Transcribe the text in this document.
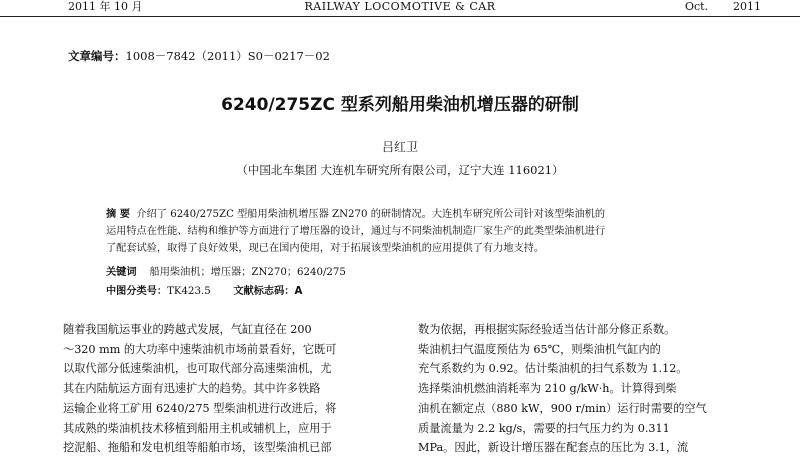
2011 年 10 月	RAILWAY LOCOMOTIVE & CAR	Oct. 2011
文章编号：1008－7842（2011）S0－0217－02
6240/275ZC 型系列船用柴油机增压器的研制
吕红卫
（中国北车集团 大连机车研究所有限公司，辽宁大连 116021）
摘 要 介绍了 6240/275ZC 型船用柴油机增压器 ZN270 的研制情况。大连机车研究所公司针对该型柴油机的
运用特点在性能、结构和维护等方面进行了增压器的设计，通过与不同柴油机制造厂家生产的此类型柴油机进行
了配套试验，取得了良好效果，现已在国内使用，对于拓展该型柴油机的应用提供了有力地支持。
关键词 船用柴油机；增压器；ZN270；6240/275
中图分类号：TK423.5 文献标志码：A
随着我国航运事业的跨越式发展，气缸直径在 200
～320 mm 的大功率中速柴油机市场前景看好，它既可
以取代部分低速柴油机，也可取代部分高速柴油机，尤
其在内陆航运方面有迅速扩大的趋势。其中许多铁路
运输企业将工矿用 6240/275 型柴油机进行改进后，将
其成熟的柴油机技术移植到船用主机或辅机上，应用于
挖泥船、拖船和发电机组等船舶市场，该型柴油机已部
数为依据，再根据实际经验适当估计部分修正系数。
柴油机扫气温度预估为 65℃，则柴油机气缸内的
充气系数约为 0.92。估计柴油机的扫气系数为 1.12。
选择柴油机燃油消耗率为 210 g/kW·h。计算得到柴
油机在额定点（880 kW，900 r/min）运行时需要的空气
质量流量为 2.2 kg/s，需要的扫气压力约为 0.311
MPa。因此，新设计增压器在配套点的压比为 3.1，流
